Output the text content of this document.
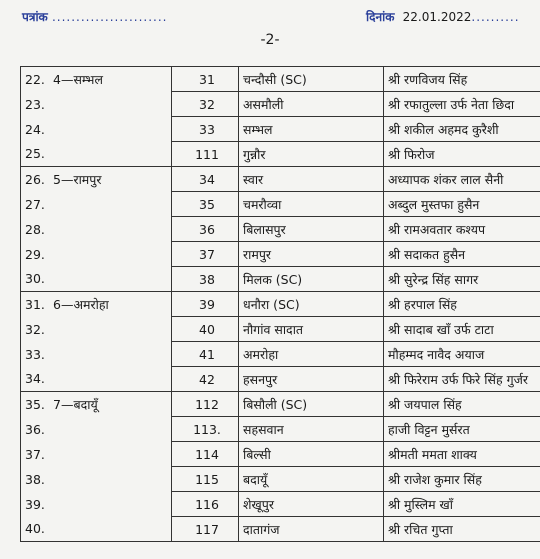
पत्रांक ........................	दिनांक 22.01.2022..........
-2-
22. 4—सम्भल	31	चन्दौसी (SC)	श्री रणविजय सिंह
23.	32	असमौली	श्री रफातुल्ला उर्फ नेता छिदा
24.	33	सम्भल	श्री शकील अहमद कुरैशी
25.	111	गुन्नौर	श्री फिरोज
26. 5—रामपुर	34	स्वार	अध्यापक शंकर लाल सैनी
27.	35	चमरौव्वा	अब्दुल मुस्तफा हुसैन
28.	36	बिलासपुर	श्री रामअवतार कश्यप
29.	37	रामपुर	श्री सदाकत हुसैन
30.	38	मिलक (SC)	श्री सुरेन्द्र सिंह सागर
31. 6—अमरोहा	39	धनौरा (SC)	श्री हरपाल सिंह
32.	40	नौगांव सादात	श्री सादाब खाँ उर्फ टाटा
33.	41	अमरोहा	मौहम्मद नावैद अयाज
34.	42	हसनपुर	श्री फिरेराम उर्फ फिरे सिंह गुर्जर
35. 7—बदायूँ	112	बिसौली (SC)	श्री जयपाल सिंह
36.	113.	सहसवान	हाजी विट्टन मुर्सरत
37.	114	बिल्सी	श्रीमती ममता शाक्य
38.	115	बदायूँ	श्री राजेश कुमार सिंह
39.	116	शेखूपुर	श्री मुस्लिम खाँ
40.	117	दातागंज	श्री रचित गुप्ता
